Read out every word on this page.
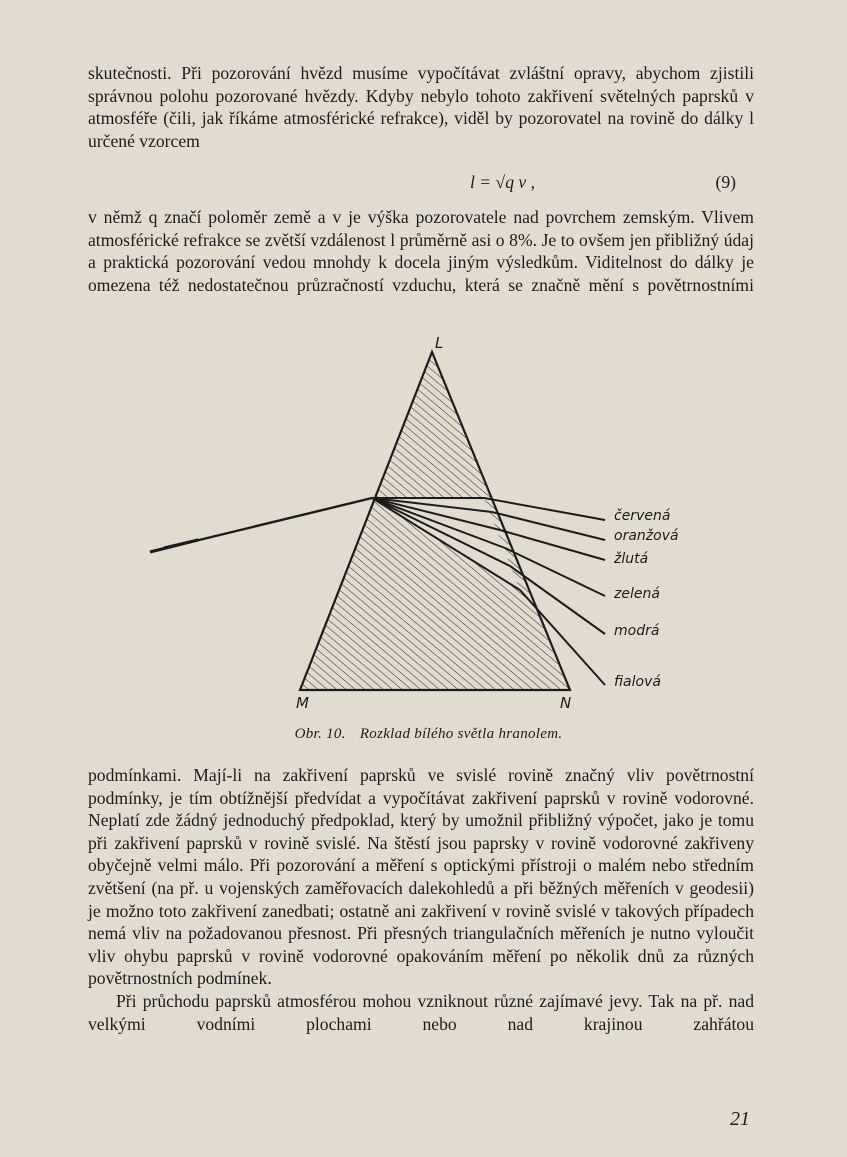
skutečnosti. Při pozorování hvězd musíme vypočítávat zvláštní opravy, abychom zjistili správnou polohu pozorované hvězdy. Kdyby nebylo tohoto zakřivení světelných paprsků v atmosféře (čili, jak říkáme atmosférické refrakce), viděl by pozorovatel na rovině do dálky l určené vzorcem

l = √q v ,	(9)

v němž q značí poloměr země a v je výška pozorovatele nad povrchem zemským. Vlivem atmosférické refrakce se zvětší vzdálenost l průměrně asi o 8%. Je to ovšem jen přibližný údaj a praktická pozorování vedou mnohdy k docela jiným výsledkům. Viditelnost do dálky je omezena též nedostatečnou průzračností vzduchu, která se značně mění s povětrnostními

L
M	N
červená
oranžová
žlutá
zelená
modrá
fialová
Obr. 10. Rozklad bílého světla hranolem.

podmínkami. Mají-li na zakřivení paprsků ve svislé rovině značný vliv povětrnostní podmínky, je tím obtížnější předvídat a vypočítávat zakřivení paprsků v rovině vodorovné. Neplatí zde žádný jednoduchý předpoklad, který by umožnil přibližný výpočet, jako je tomu při zakřivení paprsků v rovině svislé. Na štěstí jsou paprsky v rovině vodorovné zakřiveny obyčejně velmi málo. Při pozorování a měření s optickými přístroji o malém nebo středním zvětšení (na př. u vojenských zaměřovacích dalekohledů a při běžných měřeních v geodesii) je možno toto zakřivení zanedbati; ostatně ani zakřivení v rovině svislé v takových případech nemá vliv na požadovanou přesnost. Při přesných triangulačních měřeních je nutno vyloučit vliv ohybu paprsků v rovině vodorovné opakováním měření po několik dnů za různých povětrnostních podmínek.

Při průchodu paprsků atmosférou mohou vzniknout různé zajímavé jevy. Tak na př. nad velkými vodními plochami nebo nad krajinou zahřátou

21
